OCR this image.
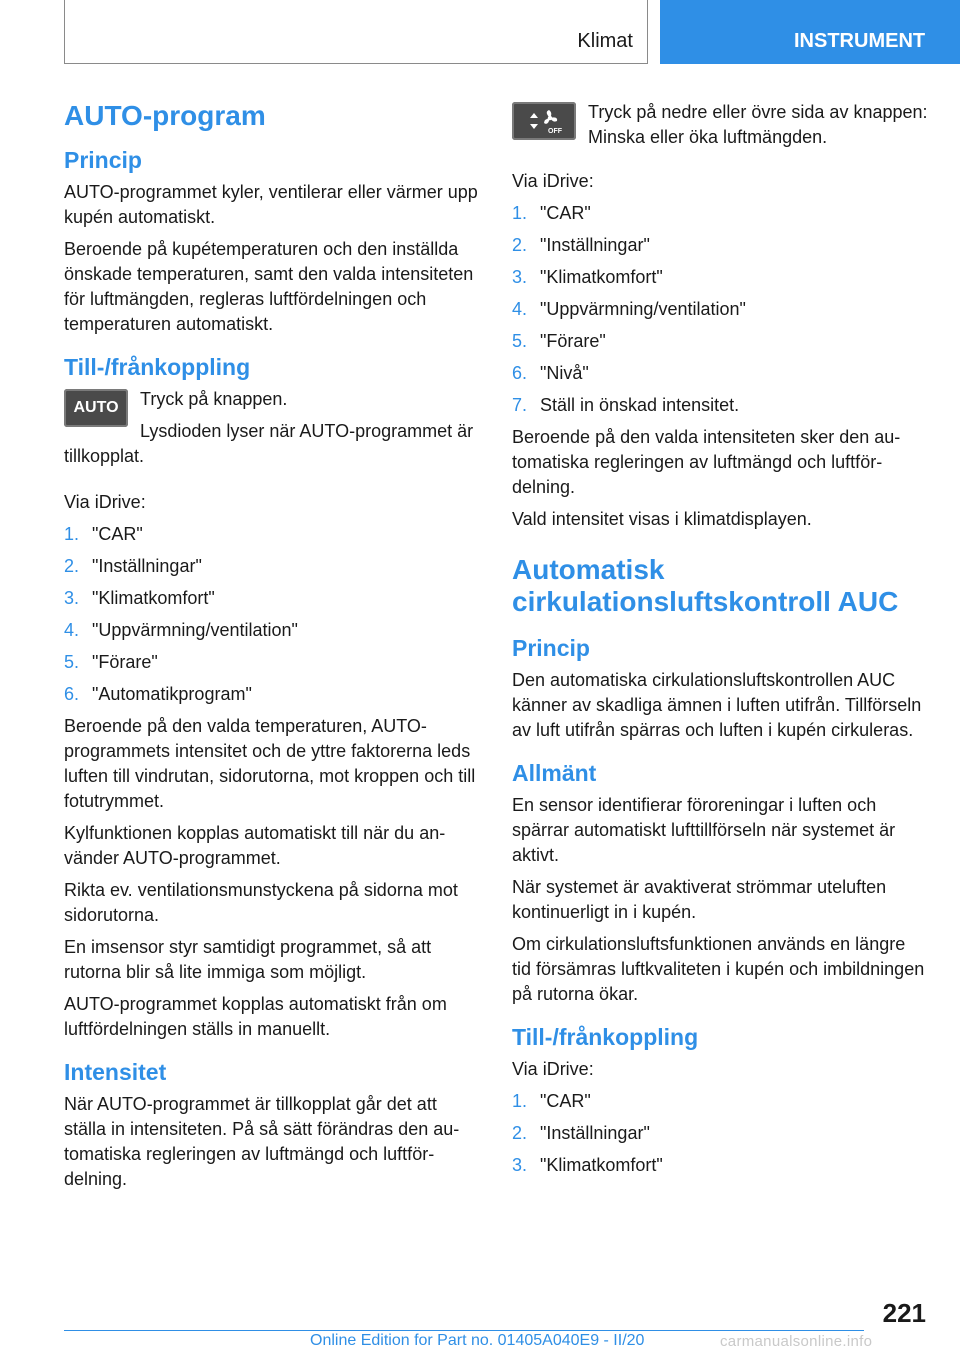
Klimat	INSTRUMENT
AUTO-program
Princip

AUTO-programmet kyler, ventilerar eller värmer upp kupén automatiskt.

Beroende på kupétemperaturen och den inställda önskade temperaturen, samt den valda intensiteten för luftmängden, regleras luftfördelningen och temperaturen automatiskt.

Till-/frånkoppling
AUTO	Tryck på knappen.

Lysdioden lyser när AUTO-programmet är tillkopplat.

Via iDrive:

1. "CAR"
2. "Inställningar"
3. "Klimatkomfort"
4. "Uppvärmning/ventilation"
5. "Förare"
6. "Automatikprogram"

Beroende på den valda temperaturen, AUTO-programmets intensitet och de yttre faktorerna leds luften till vindrutan, sidorutorna, mot kroppen och till fotutrymmet.

Kylfunktionen kopplas automatiskt till när du använder AUTO-programmet.

Rikta ev. ventilationsmunstyckena på sidorna mot sidorutorna.

En imsensor styr samtidigt programmet, så att rutorna blir så lite immiga som möjligt.

AUTO-programmet kopplas automatiskt från om luftfördelningen ställs in manuellt.

Intensitet

När AUTO-programmet är tillkopplat går det att ställa in intensiteten. På så sätt förändras den automatiska regleringen av luftmängd och luftfördelning.

OFF

Tryck på nedre eller övre sida av knappen: Minska eller öka luftmängden.

Via iDrive:

1. "CAR"
2. "Inställningar"
3. "Klimatkomfort"
4. "Uppvärmning/ventilation"
5. "Förare"
6. "Nivå"
7. Ställ in önskad intensitet.

Beroende på den valda intensiteten sker den automatiska regleringen av luftmängd och luftfördelning.

Vald intensitet visas i klimatdisplayen.

Automatisk cirkulationsluftskontroll AUC
Princip

Den automatiska cirkulationsluftskontrollen AUC känner av skadliga ämnen i luften utifrån. Tillförseln av luft utifrån spärras och luften i kupén cirkuleras.

Allmänt

En sensor identifierar föroreningar i luften och spärrar automatiskt lufttillförseln när systemet är aktivt.

När systemet är avaktiverat strömmar uteluften kontinuerligt in i kupén.

Om cirkulationsluftsfunktionen används en längre tid försämras luftkvaliteten i kupén och imbildningen på rutorna ökar.

Till-/frånkoppling

Via iDrive:

1. "CAR"
2. "Inställningar"
3. "Klimatkomfort"
221
Online Edition for Part no. 01405A040E9 - II/20	carmanualsonline.info
